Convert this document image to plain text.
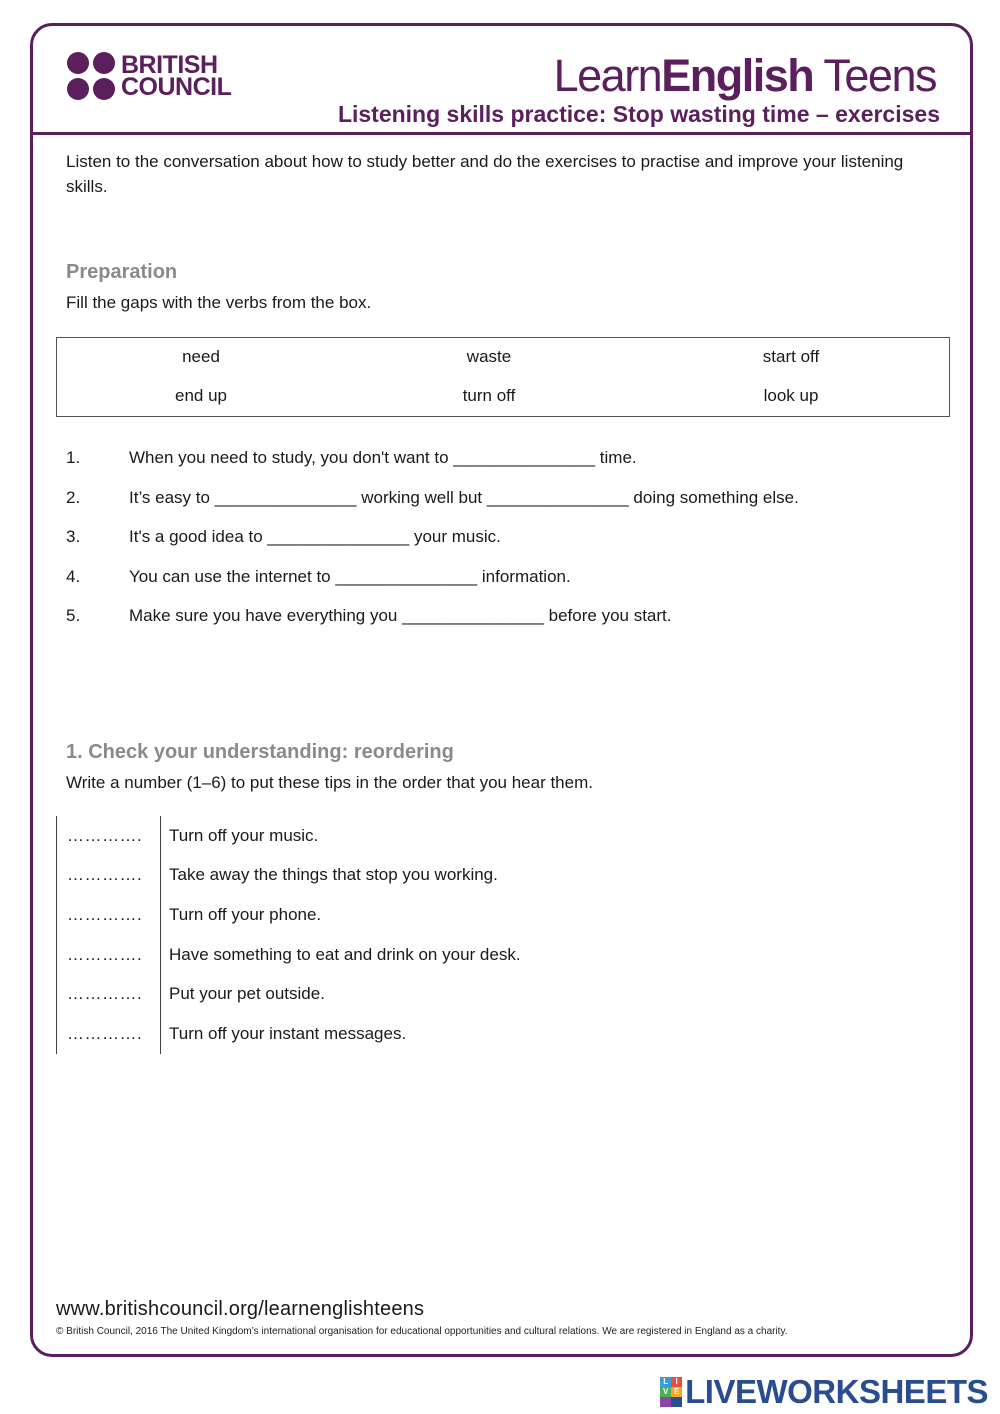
BRITISH
COUNCIL	LearnEnglish Teens
Listening skills practice: Stop wasting time – exercises

Listen to the conversation about how to study better and do the exercises to practise and improve your listening skills.

Preparation
Fill the gaps with the verbs from the box.
need	waste	start off
end up	turn off	look up
1.	When you need to study, you don't want to _______________ time.
2.	It’s easy to _______________ working well but _______________ doing something else.
3.	It's a good idea to _______________ your music.
4.	You can use the internet to _______________ information.
5.	Make sure you have everything you _______________ before you start.
1. Check your understanding: reordering
Write a number (1–6) to put these tips in the order that you hear them.
………….	Turn off your music.
………….	Take away the things that stop you working.
………….	Turn off your phone.
………….	Have something to eat and drink on your desk.
………….	Put your pet outside.
………….	Turn off your instant messages.
www.britishcouncil.org/learnenglishteens
© British Council, 2016 The United Kingdom’s international organisation for educational opportunities and cultural relations. We are registered in England as a charity.
L I
V E LIVEWORKSHEETS
